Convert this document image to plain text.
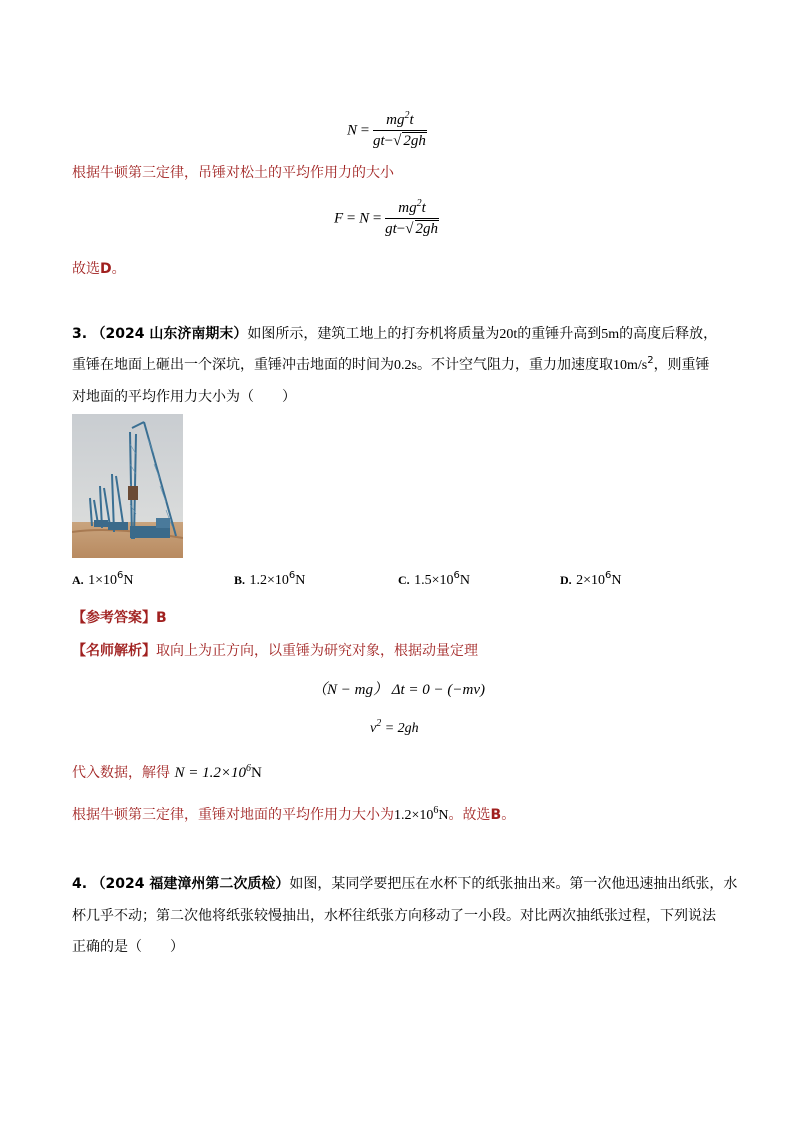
$N = \frac{mg^2t}{gt-√ 2gh}$
根据牛顿第三定律，吊锤对松土的平均作用力的大小
$F = N = \frac{mg^2t}{gt-√ 2gh}$
故选D。
3. （2024 山东济南期末）如图所示，建筑工地上的打夯机将质量为20t的重锤升高到5m的高度后释放，
重锤在地面上砸出一个深坑，重锤冲击地面的时间为0.2s。不计空气阻力，重力加速度取$10m/s^2$，则重锤
对地面的平均作用力大小为（　　）
A. $1\times 10^6N$	B. $1.2\times 10^6N$	C. $1.5\times 10^6N$	D. $2\times 10^6N$
【参考答案】B
【名师解析】取向上为正方向，以重锤为研究对象，根据动量定理
（N − mg） Δt = 0 − (−mv)
$v^2 = 2gh$
代入数据，解得 $N = 1.2\times 10^6N$
根据牛顿第三定律，重锤对地面的平均作用力大小为$1.2\times 10^6N$。故选B。
4. （2024 福建漳州第二次质检）如图，某同学要把压在水杯下的纸张抽出来。第一次他迅速抽出纸张，水
杯几乎不动；第二次他将纸张较慢抽出，水杯往纸张方向移动了一小段。对比两次抽纸张过程，下列说法
正确的是（　　）
